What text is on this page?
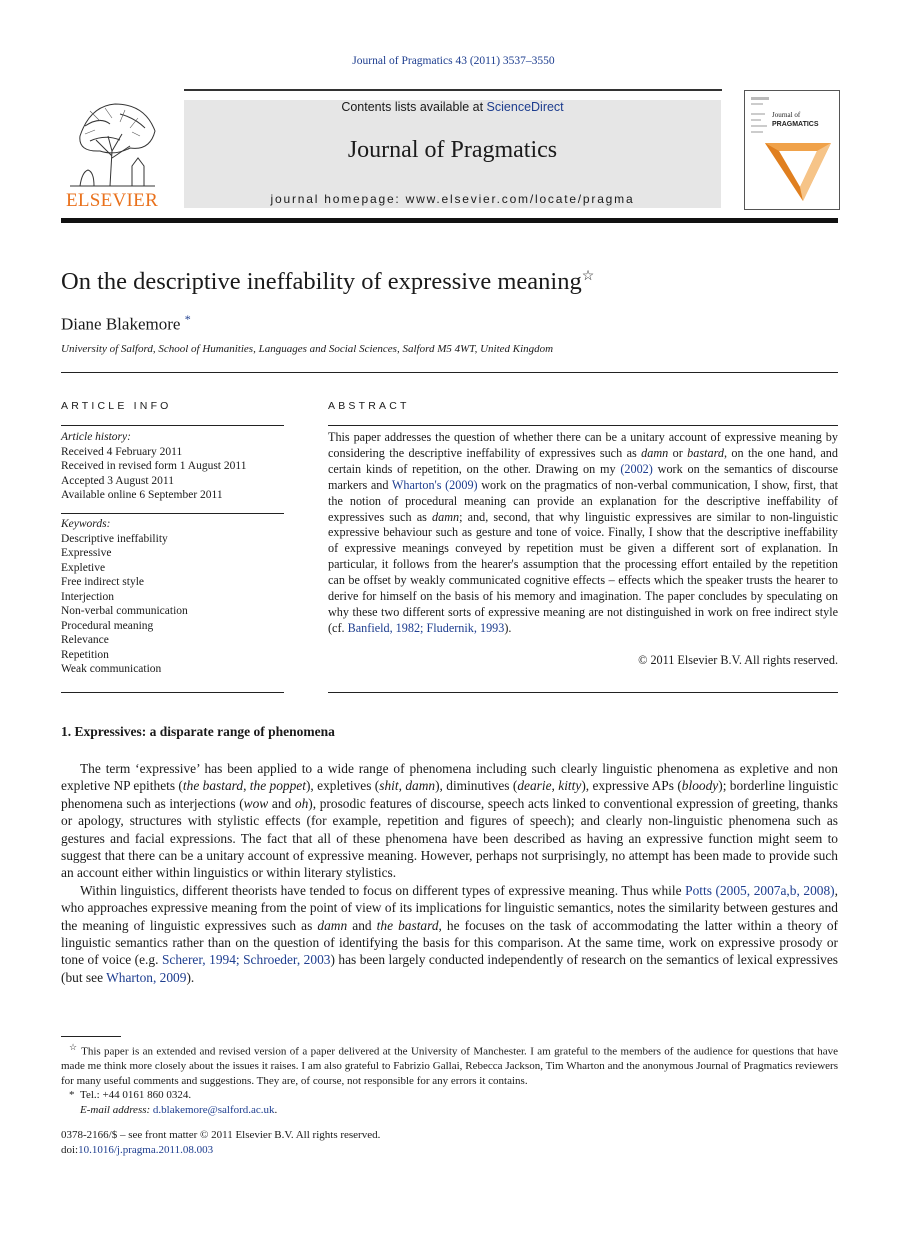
Journal of Pragmatics 43 (2011) 3537–3550
ELSEVIER
Contents lists available at ScienceDirect
Journal of Pragmatics
journal homepage: www.elsevier.com/locate/pragma
Journal of
PRAGMATICS
On the descriptive ineffability of expressive meaning☆
Diane Blakemore *
University of Salford, School of Humanities, Languages and Social Sciences, Salford M5 4WT, United Kingdom
ARTICLE INFO
Article history:
Received 4 February 2011
Received in revised form 1 August 2011
Accepted 3 August 2011
Available online 6 September 2011
Keywords:
Descriptive ineffability
Expressive
Expletive
Free indirect style
Interjection
Non-verbal communication
Procedural meaning
Relevance
Repetition
Weak communication
ABSTRACT
This paper addresses the question of whether there can be a unitary account of expressive meaning by considering the descriptive ineffability of expressives such as damn or bastard, on the one hand, and certain kinds of repetition, on the other. Drawing on my (2002) work on the semantics of discourse markers and Wharton's (2009) work on the pragmatics of non-verbal communication, I show, first, that the notion of procedural meaning can provide an explanation for the descriptive ineffability of expressives such as damn; and, second, that why linguistic expressives are similar to non-linguistic expressive behaviour such as gesture and tone of voice. Finally, I show that the descriptive ineffability of expressive meanings conveyed by repetition must be given a different sort of explanation. In particular, it follows from the hearer's assumption that the processing effort entailed by the repetition can be offset by weakly communicated cognitive effects – effects which the speaker trusts the hearer to derive for himself on the basis of his memory and imagination. The paper concludes by speculating on why these two different sorts of expressive meaning are not distinguished in work on free indirect style (cf. Banfield, 1982; Fludernik, 1993).
© 2011 Elsevier B.V. All rights reserved.
1. Expressives: a disparate range of phenomena

The term ‘expressive’ has been applied to a wide range of phenomena including such clearly linguistic phenomena as expletive and non expletive NP epithets (the bastard, the poppet), expletives (shit, damn), diminutives (dearie, kitty), expressive APs (bloody); borderline linguistic phenomena such as interjections (wow and oh), prosodic features of discourse, speech acts linked to conventional expression of greeting, thanks or apology, structures with stylistic effects (for example, repetition and figures of speech); and clearly non-linguistic phenomena such as gestures and facial expressions. The fact that all of these phenomena have been described as having an expressive function might seem to suggest that there can be a unitary account of expressive meaning. However, perhaps not surprisingly, no attempt has been made to provide such an account either within linguistics or within literary stylistics.

Within linguistics, different theorists have tended to focus on different types of expressive meaning. Thus while Potts (2005, 2007a,b, 2008), who approaches expressive meaning from the point of view of its implications for linguistic semantics, notes the similarity between gestures and the meaning of linguistic expressives such as damn and the bastard, he focuses on the task of accommodating the latter within a theory of linguistic semantics rather than on the question of identifying the basis for this comparison. At the same time, work on expressive prosody or tone of voice (e.g. Scherer, 1994; Schroeder, 2003) has been largely conducted independently of research on the semantics of lexical expressives (but see Wharton, 2009).

☆ This paper is an extended and revised version of a paper delivered at the University of Manchester. I am grateful to the members of the audience for questions that have made me think more closely about the issues it raises. I am also grateful to Fabrizio Gallai, Rebecca Jackson, Tim Wharton and the anonymous Journal of Pragmatics reviewers for many useful comments and suggestions. They are, of course, not responsible for any errors it contains.

* Tel.: +44 0161 860 0324.

E-mail address: d.blakemore@salford.ac.uk.

0378-2166/$ – see front matter © 2011 Elsevier B.V. All rights reserved.
doi:10.1016/j.pragma.2011.08.003
